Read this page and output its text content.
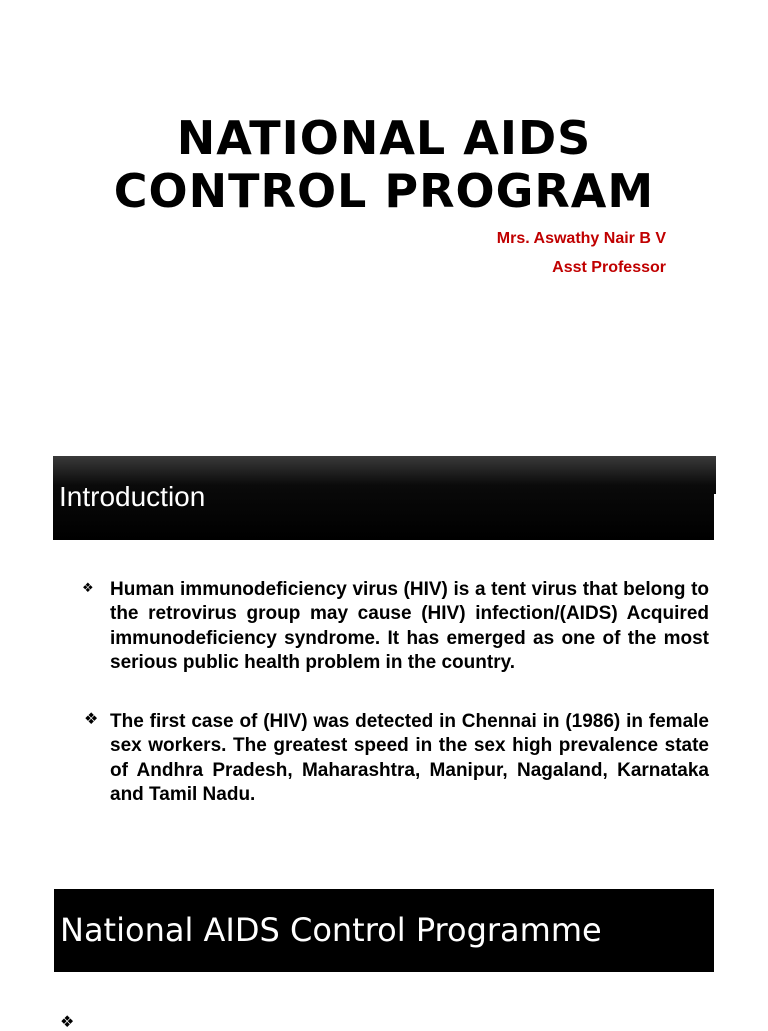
NATIONAL AIDS
CONTROL PROGRAM
Mrs. Aswathy Nair B V
Asst Professor
Introduction
❖ Human immunodeficiency virus (HIV) is a tent virus that belong to the retrovirus group may cause (HIV) infection/(AIDS) Acquired immunodeficiency syndrome. It has emerged as one of the most serious public health problem in the country.
❖ The first case of (HIV) was detected in Chennai in (1986) in female sex workers. The greatest speed in the sex high prevalence state of Andhra Pradesh, Maharashtra, Manipur, Nagaland, Karnataka and Tamil Nadu.
National AIDS Control Programme
❖
